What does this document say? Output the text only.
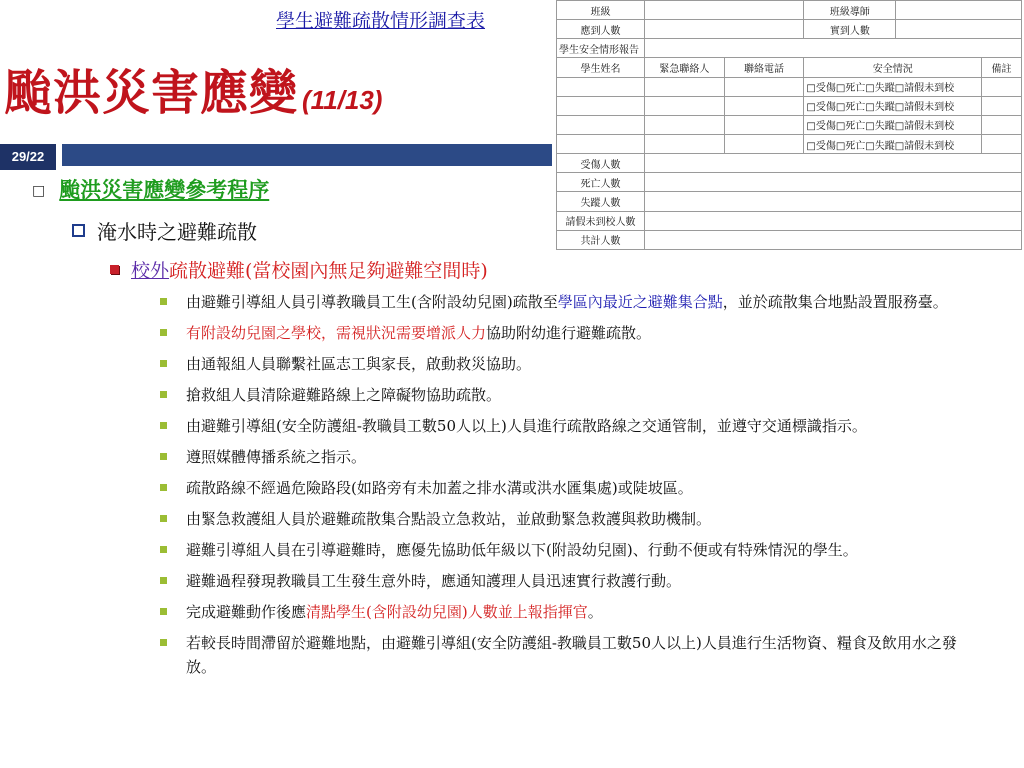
學生避難疏散情形調查表
颱洪災害應變 (11/13)
29/22
班級			班級導師		
應到人數			實到人數		
學生安全情形報告					
學生姓名	緊急聯絡人	聯絡電話	安全情況		備註
			□受傷□死亡□失蹤□請假未到校		
			□受傷□死亡□失蹤□請假未到校		
			□受傷□死亡□失蹤□請假未到校		
			□受傷□死亡□失蹤□請假未到校		
受傷人數					
死亡人數					
失蹤人數					
請假未到校人數					
共計人數					
□ 颱洪災害應變參考程序
淹水時之避難疏散
校外疏散避難(當校園內無足夠避難空間時)
由避難引導組人員引導教職員工生(含附設幼兒園)疏散至學區內最近之避難集合點，並於疏散集合地點設置服務臺。
有附設幼兒園之學校，需視狀況需要增派人力協助附幼進行避難疏散。
由通報組人員聯繫社區志工與家長，啟動救災協助。
搶救組人員清除避難路線上之障礙物協助疏散。
由避難引導組(安全防護組-教職員工數50人以上)人員進行疏散路線之交通管制，並遵守交通標識指示。
遵照媒體傳播系統之指示。
疏散路線不經過危險路段(如路旁有未加蓋之排水溝或洪水匯集處)或陡坡區。
由緊急救護組人員於避難疏散集合點設立急救站，並啟動緊急救護與救助機制。
避難引導組人員在引導避難時，應優先協助低年級以下(附設幼兒園)、行動不便或有特殊情況的學生。
避難過程發現教職員工生發生意外時，應通知護理人員迅速實行救護行動。
完成避難動作後應清點學生(含附設幼兒園)人數並上報指揮官。
若較長時間滯留於避難地點，由避難引導組(安全防護組-教職員工數50人以上)人員進行生活物資、糧食及飲用水之發放。
